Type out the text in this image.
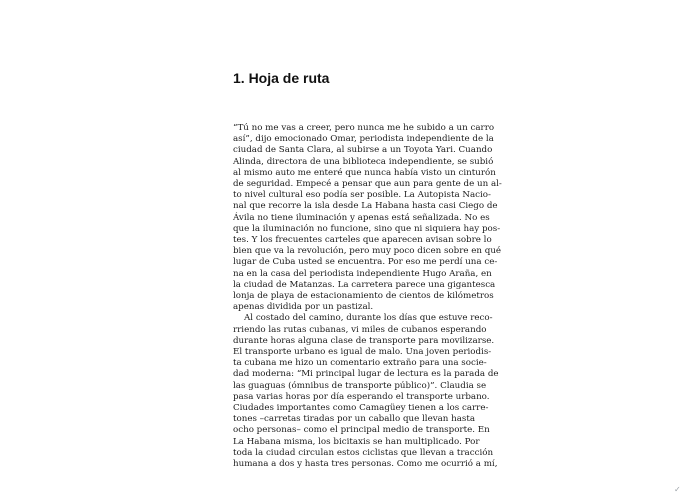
1. Hoja de ruta
“Tú no me vas a creer, pero nunca me he subido a un carro
así”, dijo emocionado Omar, periodista independiente de la
ciudad de Santa Clara, al subirse a un Toyota Yari. Cuando
Alinda, directora de una biblioteca independiente, se subió
al mismo auto me enteré que nunca había visto un cinturón
de seguridad. Empecé a pensar que aun para gente de un al-
to nivel cultural eso podía ser posible. La Autopista Nacio-
nal que recorre la isla desde La Habana hasta casi Ciego de
Ávila no tiene iluminación y apenas está señalizada. No es
que la iluminación no funcione, sino que ni siquiera hay pos-
tes. Y los frecuentes carteles que aparecen avisan sobre lo
bien que va la revolución, pero muy poco dicen sobre en qué
lugar de Cuba usted se encuentra. Por eso me perdí una ce-
na en la casa del periodista independiente Hugo Araña, en
la ciudad de Matanzas. La carretera parece una gigantesca
lonja de playa de estacionamiento de cientos de kilómetros
apenas dividida por un pastizal.
Al costado del camino, durante los días que estuve reco-
rriendo las rutas cubanas, vi miles de cubanos esperando
durante horas alguna clase de transporte para movilizarse.
El transporte urbano es igual de malo. Una joven periodis-
ta cubana me hizo un comentario extraño para una socie-
dad moderna: “Mi principal lugar de lectura es la parada de
las guaguas (ómnibus de transporte público)”. Claudia se
pasa varias horas por día esperando el transporte urbano.
Ciudades importantes como Camagüey tienen a los carre-
tones –carretas tiradas por un caballo que llevan hasta
ocho personas– como el principal medio de transporte. En
La Habana misma, los bicitaxis se han multiplicado. Por
toda la ciudad circulan estos ciclistas que llevan a tracción
humana a dos y hasta tres personas. Como me ocurrió a mí,
✓
